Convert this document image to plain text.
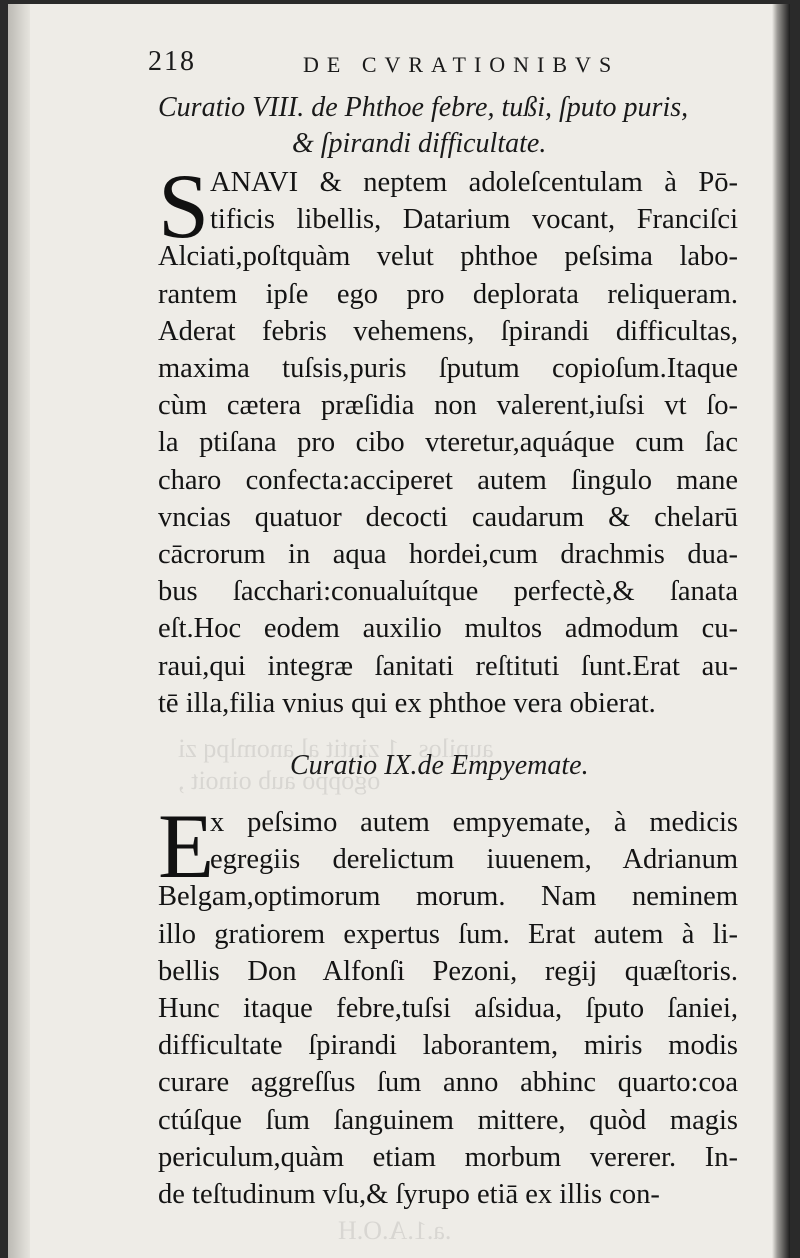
aupilos , 1 zintit al anomlpq zi
ogoppo aub oinoit ,
.a.1.A.O.H
218	DE CVRATIONIBVS
Curatio VIII. de Phthoe febre, tußi, ſputo puris,
& ſpirandi difficultate.
S ANAVI & neptem adoleſcentulam à Pō-
tificis libellis, Datarium vocant, Franciſci
Alciati,poſtquàm velut phthoe peſsima labo-
rantem ipſe ego pro deplorata reliqueram.
Aderat febris vehemens, ſpirandi difficultas,
maxima tuſsis,puris ſputum copioſum.Itaque
cùm cætera præſidia non valerent,iuſsi vt ſo-
la ptiſana pro cibo vteretur,aquáque cum ſac
charo confecta:acciperet autem ſingulo mane
vncias quatuor decocti caudarum & chelarū
cācrorum in aqua hordei,cum drachmis dua-
bus ſacchari:conualuítque perfectè,& ſanata
eſt.Hoc eodem auxilio multos admodum cu-
raui,qui integræ ſanitati reſtituti ſunt.Erat au-
tē illa,filia vnius qui ex phthoe vera obierat.
Curatio IX.de Empyemate.
E
x peſsimo autem empyemate, à medicis
egregiis derelictum iuuenem, Adrianum
Belgam,optimorum morum. Nam neminem
illo gratiorem expertus ſum. Erat autem à li-
bellis Don Alfonſi Pezoni, regij quæſtoris.
Hunc itaque febre,tuſsi aſsidua, ſputo ſaniei,
difficultate ſpirandi laborantem, miris modis
curare aggreſſus ſum anno abhinc quarto:coa
ctúſque ſum ſanguinem mittere, quòd magis
periculum,quàm etiam morbum vererer. In-
de teſtudinum vſu,& ſyrupo etiā ex illis con-
